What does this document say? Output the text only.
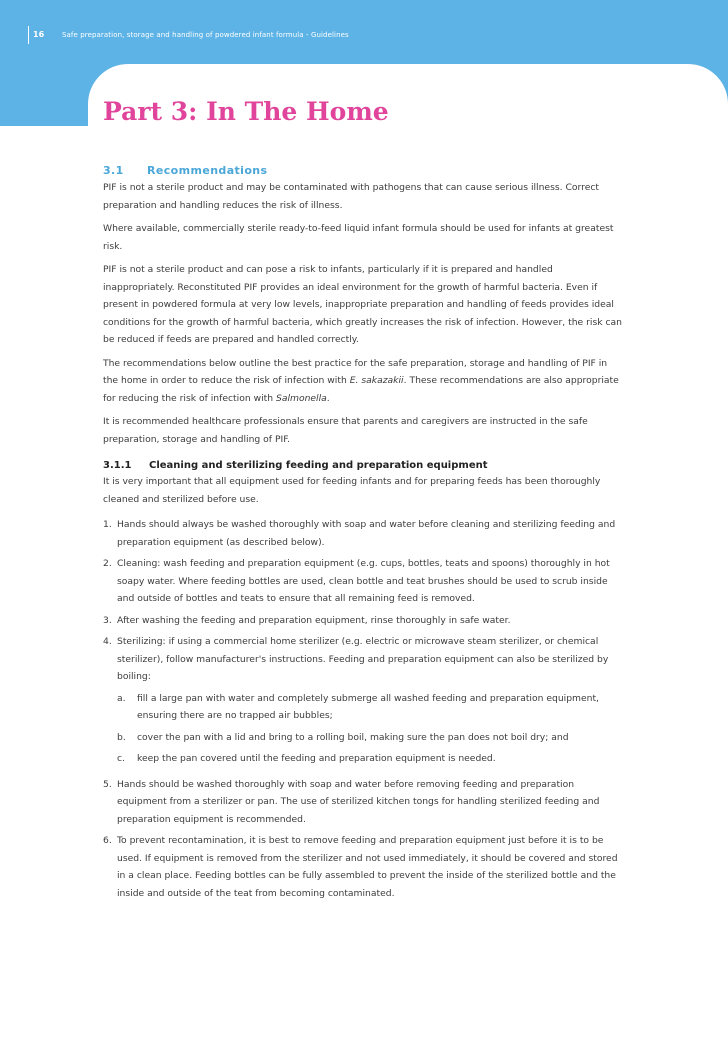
16	Safe preparation, storage and handling of powdered infant formula - Guidelines
Part 3: In The Home
3.1	Recommendations

PIF is not a sterile product and may be contaminated with pathogens that can cause serious illness. Correct preparation and handling reduces the risk of illness.

Where available, commercially sterile ready-to-feed liquid infant formula should be used for infants at greatest risk.

PIF is not a sterile product and can pose a risk to infants, particularly if it is prepared and handled inappropriately. Reconstituted PIF provides an ideal environment for the growth of harmful bacteria. Even if present in powdered formula at very low levels, inappropriate preparation and handling of feeds provides ideal conditions for the growth of harmful bacteria, which greatly increases the risk of infection. However, the risk can be reduced if feeds are prepared and handled correctly.

The recommendations below outline the best practice for the safe preparation, storage and handling of PIF in the home in order to reduce the risk of infection with E. sakazakii. These recommendations are also appropriate for reducing the risk of infection with Salmonella.

It is recommended healthcare professionals ensure that parents and caregivers are instructed in the safe preparation, storage and handling of PIF.

3.1.1	Cleaning and sterilizing feeding and preparation equipment

It is very important that all equipment used for feeding infants and for preparing feeds has been thoroughly cleaned and sterilized before use.

1. Hands should always be washed thoroughly with soap and water before cleaning and sterilizing feeding and preparation equipment (as described below).
2. Cleaning: wash feeding and preparation equipment (e.g. cups, bottles, teats and spoons) thoroughly in hot soapy water. Where feeding bottles are used, clean bottle and teat brushes should be used to scrub inside and outside of bottles and teats to ensure that all remaining feed is removed.
3. After washing the feeding and preparation equipment, rinse thoroughly in safe water.
4. Sterilizing: if using a commercial home sterilizer (e.g. electric or microwave steam sterilizer, or chemical sterilizer), follow manufacturer's instructions. Feeding and preparation equipment can also be sterilized by boiling:
a.	fill a large pan with water and completely submerge all washed feeding and preparation equipment, ensuring there are no trapped air bubbles;
b.	cover the pan with a lid and bring to a rolling boil, making sure the pan does not boil dry; and
c.	keep the pan covered until the feeding and preparation equipment is needed.
5. Hands should be washed thoroughly with soap and water before removing feeding and preparation equipment from a sterilizer or pan. The use of sterilized kitchen tongs for handling sterilized feeding and preparation equipment is recommended.
6. To prevent recontamination, it is best to remove feeding and preparation equipment just before it is to be used. If equipment is removed from the sterilizer and not used immediately, it should be covered and stored in a clean place. Feeding bottles can be fully assembled to prevent the inside of the sterilized bottle and the inside and outside of the teat from becoming contaminated.
